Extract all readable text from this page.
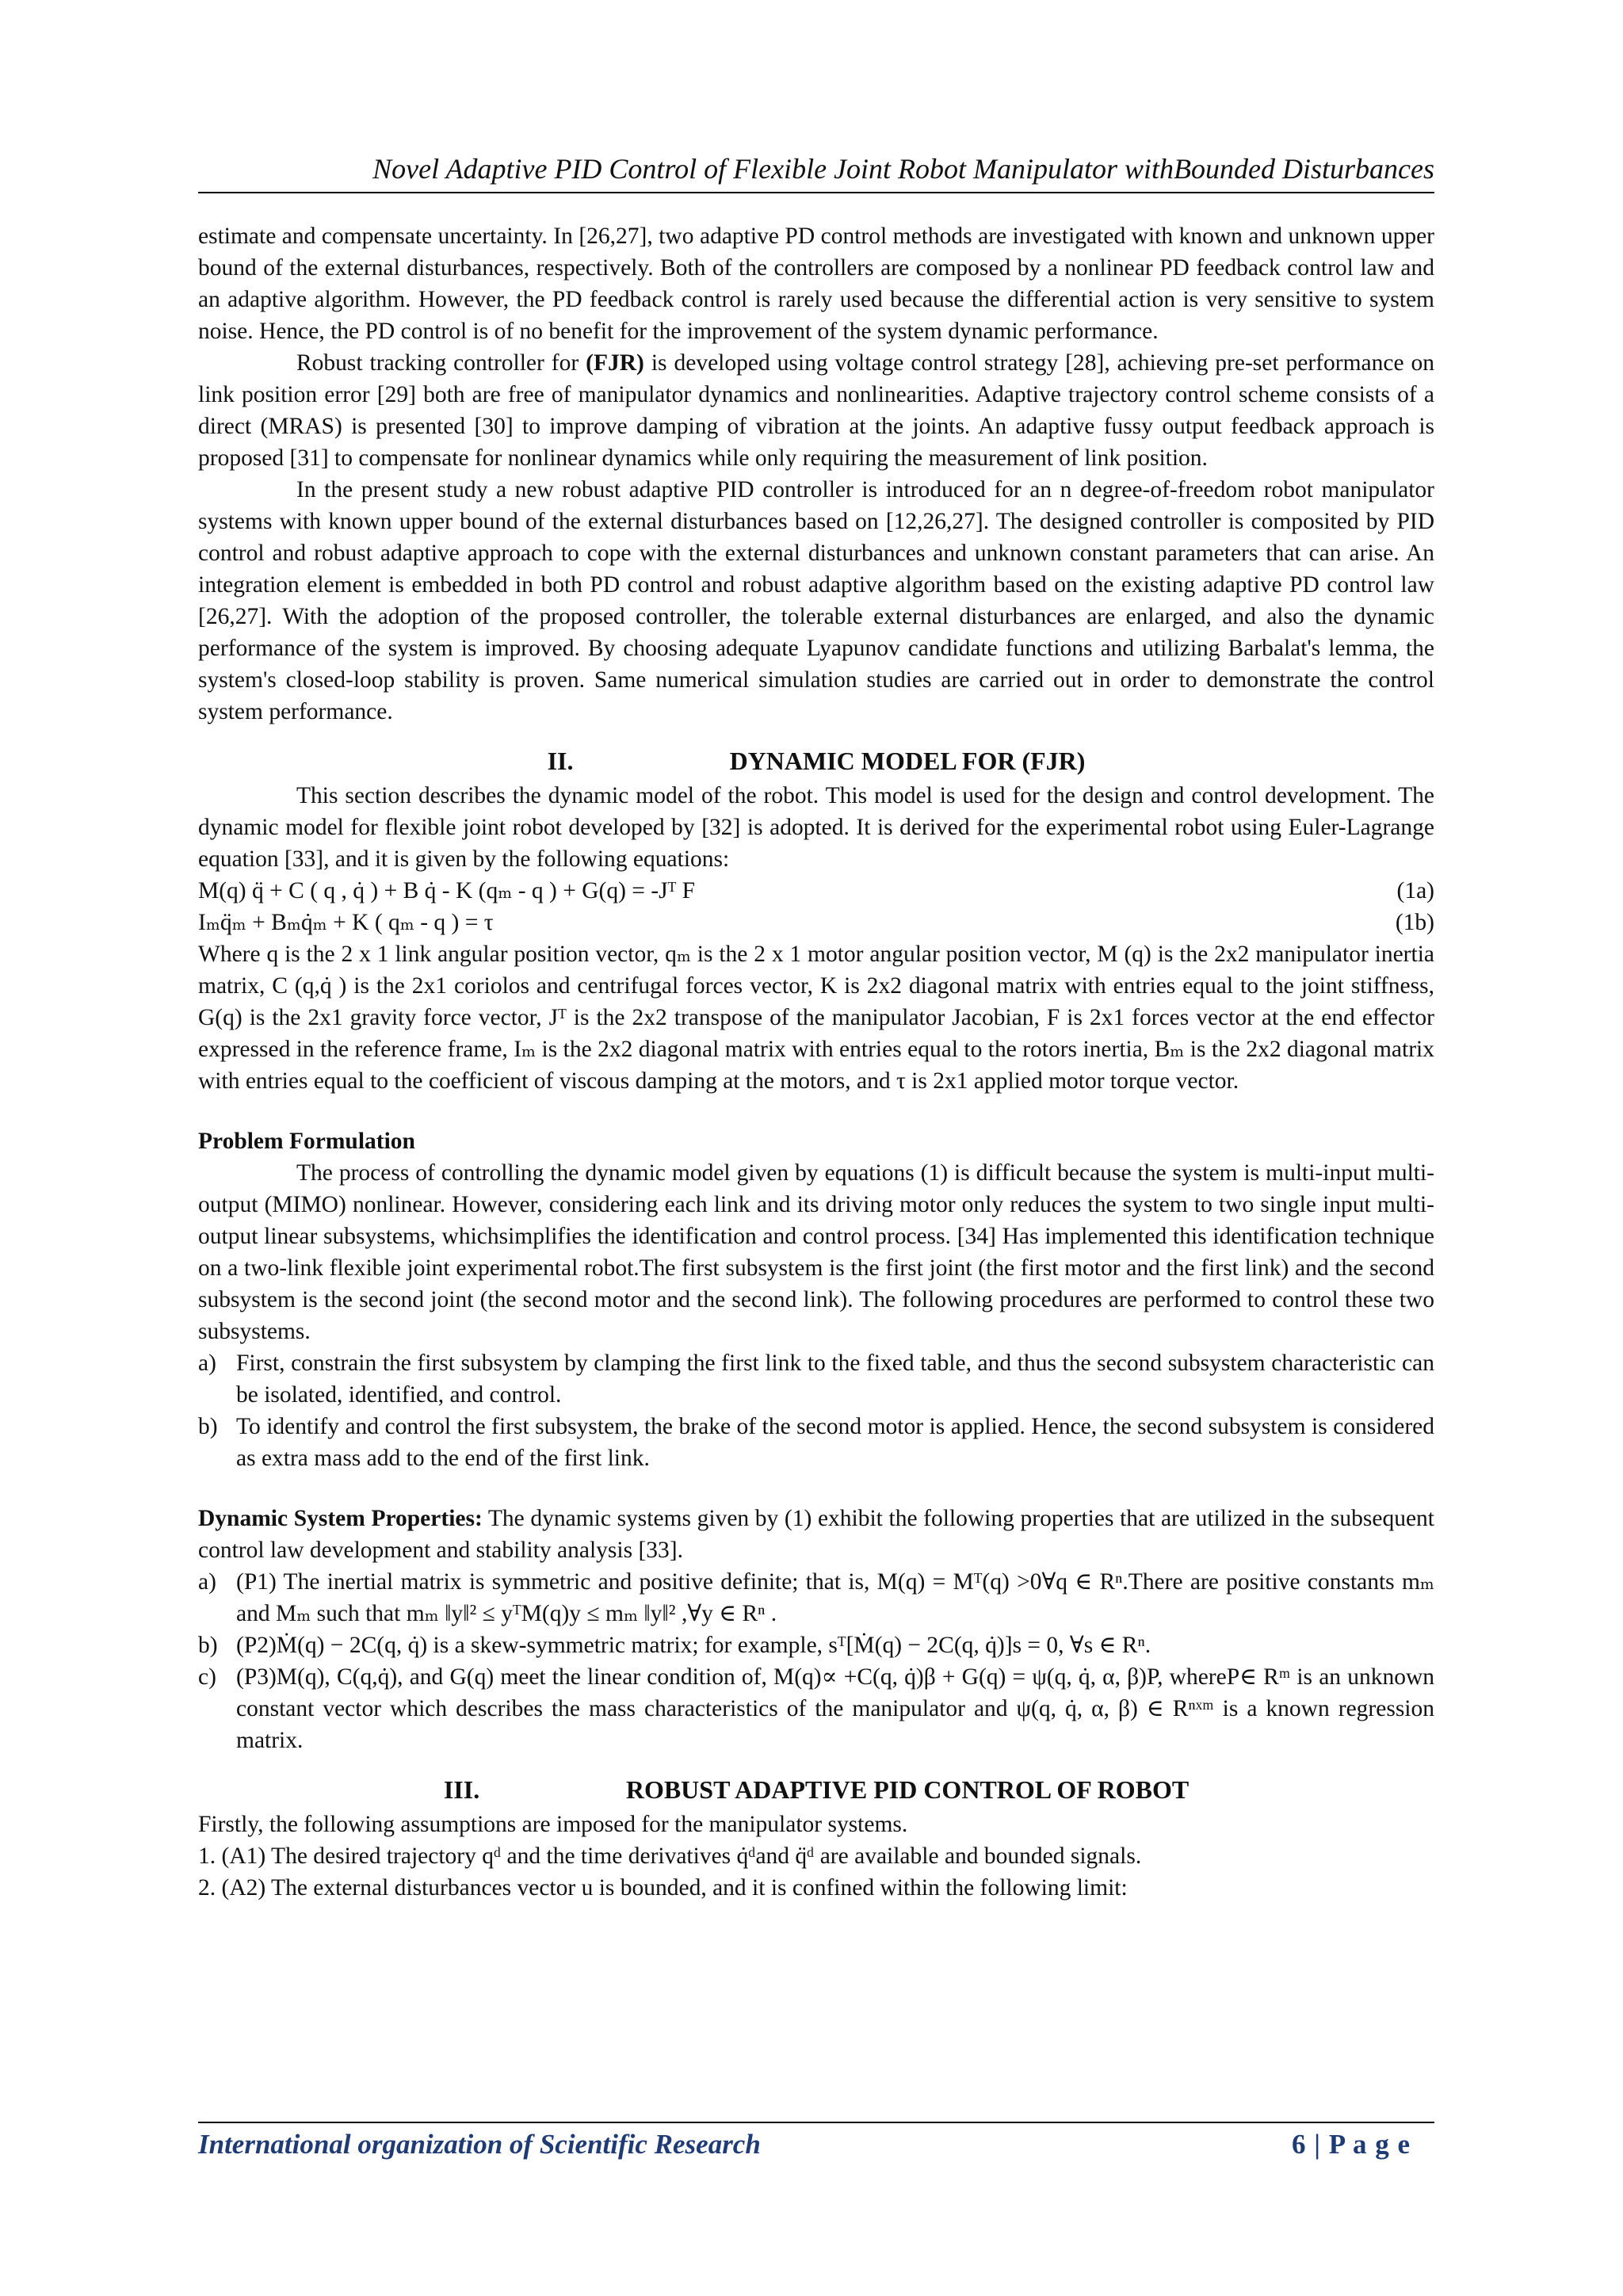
Novel Adaptive PID Control of Flexible Joint Robot Manipulator withBounded Disturbances

estimate and compensate uncertainty. In [26,27], two adaptive PD control methods are investigated with known and unknown upper bound of the external disturbances, respectively. Both of the controllers are composed by a nonlinear PD feedback control law and an adaptive algorithm. However, the PD feedback control is rarely used because the differential action is very sensitive to system noise. Hence, the PD control is of no benefit for the improvement of the system dynamic performance.

Robust tracking controller for (FJR) is developed using voltage control strategy [28], achieving pre-set performance on link position error [29] both are free of manipulator dynamics and nonlinearities. Adaptive trajectory control scheme consists of a direct (MRAS) is presented [30] to improve damping of vibration at the joints. An adaptive fussy output feedback approach is proposed [31] to compensate for nonlinear dynamics while only requiring the measurement of link position.

In the present study a new robust adaptive PID controller is introduced for an n degree-of-freedom robot manipulator systems with known upper bound of the external disturbances based on [12,26,27]. The designed controller is composited by PID control and robust adaptive approach to cope with the external disturbances and unknown constant parameters that can arise. An integration element is embedded in both PD control and robust adaptive algorithm based on the existing adaptive PD control law [26,27]. With the adoption of the proposed controller, the tolerable external disturbances are enlarged, and also the dynamic performance of the system is improved. By choosing adequate Lyapunov candidate functions and utilizing Barbalat's lemma, the system's closed-loop stability is proven. Same numerical simulation studies are carried out in order to demonstrate the control system performance.

II.	DYNAMIC MODEL FOR (FJR)

This section describes the dynamic model of the robot. This model is used for the design and control development. The dynamic model for flexible joint robot developed by [32] is adopted. It is derived for the experimental robot using Euler-Lagrange equation [33], and it is given by the following equations:

M(q) q̈ + C ( q , q̇ ) + B q̇ - K (qₘ - q ) + G(q) = -Jᵀ F	(1a)
Iₘq̈ₘ + Bₘq̇ₘ + K ( qₘ - q ) = τ	(1b)

Where q is the 2 x 1 link angular position vector, qₘ is the 2 x 1 motor angular position vector, M (q) is the 2x2 manipulator inertia matrix, C (q,q̇ ) is the 2x1 coriolos and centrifugal forces vector, K is 2x2 diagonal matrix with entries equal to the joint stiffness, G(q) is the 2x1 gravity force vector, Jᵀ is the 2x2 transpose of the manipulator Jacobian, F is 2x1 forces vector at the end effector expressed in the reference frame, Iₘ is the 2x2 diagonal matrix with entries equal to the rotors inertia, Bₘ is the 2x2 diagonal matrix with entries equal to the coefficient of viscous damping at the motors, and τ is 2x1 applied motor torque vector.

Problem Formulation

The process of controlling the dynamic model given by equations (1) is difficult because the system is multi-input multi-output (MIMO) nonlinear. However, considering each link and its driving motor only reduces the system to two single input multi-output linear subsystems, whichsimplifies the identification and control process. [34] Has implemented this identification technique on a two-link flexible joint experimental robot.The first subsystem is the first joint (the first motor and the first link) and the second subsystem is the second joint (the second motor and the second link). The following procedures are performed to control these two subsystems.

a) First, constrain the first subsystem by clamping the first link to the fixed table, and thus the second subsystem characteristic can be isolated, identified, and control.
b) To identify and control the first subsystem, the brake of the second motor is applied. Hence, the second subsystem is considered as extra mass add to the end of the first link.

Dynamic System Properties: The dynamic systems given by (1) exhibit the following properties that are utilized in the subsequent control law development and stability analysis [33].

a) (P1) The inertial matrix is symmetric and positive definite; that is, M(q) = Mᵀ(q) >0∀q ∈ Rⁿ.There are positive constants mₘ and Mₘ such that mₘ ‖y‖² ≤ yᵀM(q)y ≤ mₘ ‖y‖² ,∀y ∈ Rⁿ .
b) (P2)Ṁ(q) − 2C(q, q̇) is a skew-symmetric matrix; for example, sᵀ[Ṁ(q) − 2C(q, q̇)]s = 0, ∀s ∈ Rⁿ.
c) (P3)M(q), C(q,q̇), and G(q) meet the linear condition of, M(q)∝ +C(q, q̇)β + G(q) = ψ(q, q̇, α, β)P, whereP∈ Rᵐ is an unknown constant vector which describes the mass characteristics of the manipulator and ψ(q, q̇, α, β) ∈ Rⁿˣᵐ is a known regression matrix.
III.	ROBUST ADAPTIVE PID CONTROL OF ROBOT

Firstly, the following assumptions are imposed for the manipulator systems.

1. (A1) The desired trajectory qᵈ and the time derivatives q̇ᵈand q̈ᵈ are available and bounded signals.

2. (A2) The external disturbances vector u is bounded, and it is confined within the following limit:

International organization of Scientific Research	6 | P a g e
